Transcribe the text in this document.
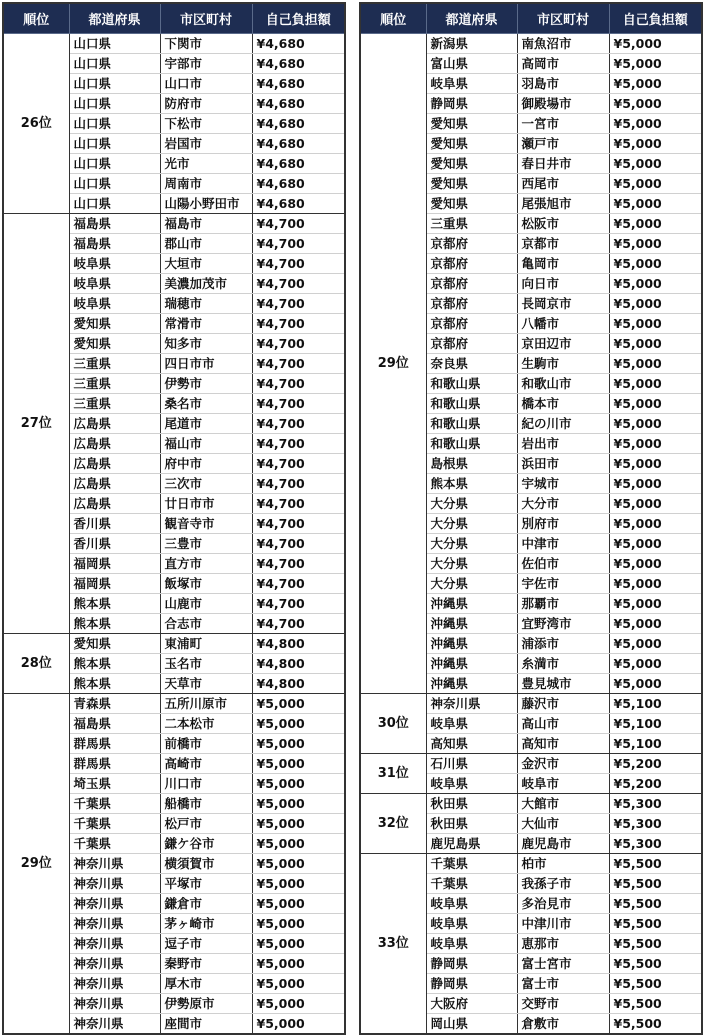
順位	都道府県	市区町村	自己負担額
26位	山口県	下関市	¥4,680
	山口県	宇部市	¥4,680
	山口県	山口市	¥4,680
	山口県	防府市	¥4,680
	山口県	下松市	¥4,680
	山口県	岩国市	¥4,680
	山口県	光市	¥4,680
	山口県	周南市	¥4,680
	山口県	山陽小野田市	¥4,680
27位	福島県	福島市	¥4,700
	福島県	郡山市	¥4,700
	岐阜県	大垣市	¥4,700
	岐阜県	美濃加茂市	¥4,700
	岐阜県	瑞穂市	¥4,700
	愛知県	常滑市	¥4,700
	愛知県	知多市	¥4,700
	三重県	四日市市	¥4,700
	三重県	伊勢市	¥4,700
	三重県	桑名市	¥4,700
	広島県	尾道市	¥4,700
	広島県	福山市	¥4,700
	広島県	府中市	¥4,700
	広島県	三次市	¥4,700
	広島県	廿日市市	¥4,700
	香川県	観音寺市	¥4,700
	香川県	三豊市	¥4,700
	福岡県	直方市	¥4,700
	福岡県	飯塚市	¥4,700
	熊本県	山鹿市	¥4,700
	熊本県	合志市	¥4,700
28位	愛知県	東浦町	¥4,800
	熊本県	玉名市	¥4,800
	熊本県	天草市	¥4,800
29位	青森県	五所川原市	¥5,000
	福島県	二本松市	¥5,000
	群馬県	前橋市	¥5,000
	群馬県	高崎市	¥5,000
	埼玉県	川口市	¥5,000
	千葉県	船橋市	¥5,000
	千葉県	松戸市	¥5,000
	千葉県	鎌ケ谷市	¥5,000
	神奈川県	横須賀市	¥5,000
	神奈川県	平塚市	¥5,000
	神奈川県	鎌倉市	¥5,000
	神奈川県	茅ヶ崎市	¥5,000
	神奈川県	逗子市	¥5,000
	神奈川県	秦野市	¥5,000
	神奈川県	厚木市	¥5,000
	神奈川県	伊勢原市	¥5,000
	神奈川県	座間市	¥5,000
順位	都道府県	市区町村	自己負担額
29位	新潟県	南魚沼市	¥5,000
	富山県	高岡市	¥5,000
	岐阜県	羽島市	¥5,000
	静岡県	御殿場市	¥5,000
	愛知県	一宮市	¥5,000
	愛知県	瀬戸市	¥5,000
	愛知県	春日井市	¥5,000
	愛知県	西尾市	¥5,000
	愛知県	尾張旭市	¥5,000
	三重県	松阪市	¥5,000
	京都府	京都市	¥5,000
	京都府	亀岡市	¥5,000
	京都府	向日市	¥5,000
	京都府	長岡京市	¥5,000
	京都府	八幡市	¥5,000
	京都府	京田辺市	¥5,000
	奈良県	生駒市	¥5,000
	和歌山県	和歌山市	¥5,000
	和歌山県	橋本市	¥5,000
	和歌山県	紀の川市	¥5,000
	和歌山県	岩出市	¥5,000
	島根県	浜田市	¥5,000
	熊本県	宇城市	¥5,000
	大分県	大分市	¥5,000
	大分県	別府市	¥5,000
	大分県	中津市	¥5,000
	大分県	佐伯市	¥5,000
	大分県	宇佐市	¥5,000
	沖縄県	那覇市	¥5,000
	沖縄県	宜野湾市	¥5,000
	沖縄県	浦添市	¥5,000
	沖縄県	糸満市	¥5,000
	沖縄県	豊見城市	¥5,000
30位	神奈川県	藤沢市	¥5,100
	岐阜県	高山市	¥5,100
	高知県	高知市	¥5,100
31位	石川県	金沢市	¥5,200
	岐阜県	岐阜市	¥5,200
32位	秋田県	大館市	¥5,300
	秋田県	大仙市	¥5,300
	鹿児島県	鹿児島市	¥5,300
33位	千葉県	柏市	¥5,500
	千葉県	我孫子市	¥5,500
	岐阜県	多治見市	¥5,500
	岐阜県	中津川市	¥5,500
	岐阜県	恵那市	¥5,500
	静岡県	富士宮市	¥5,500
	静岡県	富士市	¥5,500
	大阪府	交野市	¥5,500
	岡山県	倉敷市	¥5,500
